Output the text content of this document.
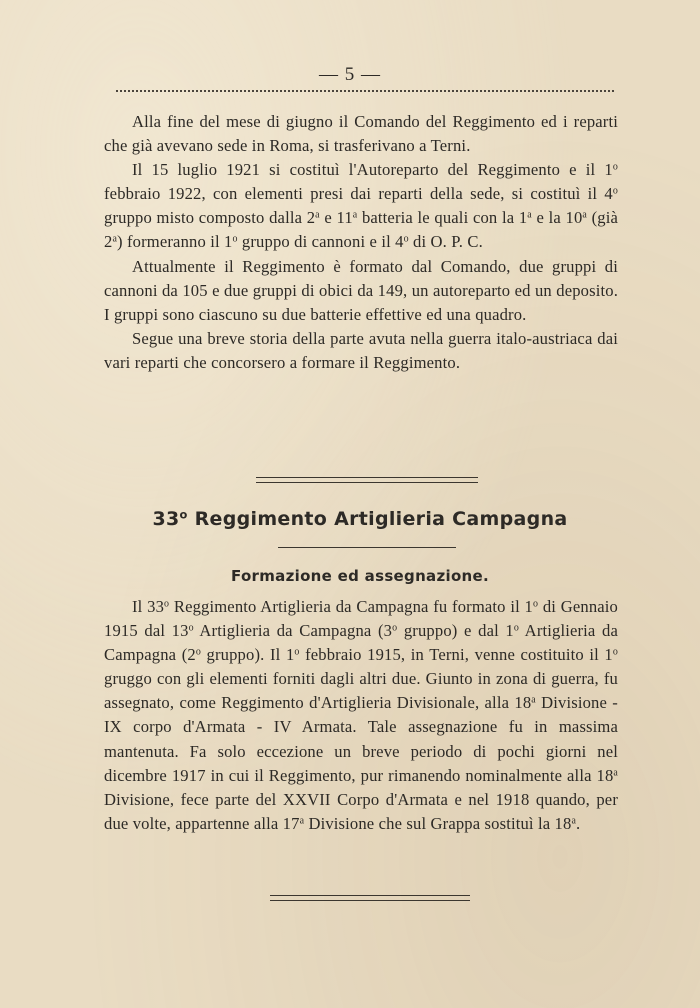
— 5 —

Alla fine del mese di giugno il Comando del Reggimento ed i reparti che già avevano sede in Roma, si trasferivano a Terni.

Il 15 luglio 1921 si costituì l'Autoreparto del Reggimento e il 1$^o$ febbraio 1922, con elementi presi dai reparti della sede, si costituì il 4$^o$ gruppo misto composto dalla 2$^a$ e 11$^a$ batteria le quali con la 1$^a$ e la 10$^a$ (già 2$^a$) formeranno il 1$^o$ gruppo di cannoni e il 4$^o$ di O. P. C.

Attualmente il Reggimento è formato dal Comando, due gruppi di cannoni da 105 e due gruppi di obici da 149, un autoreparto ed un deposito. I gruppi sono ciascuno su due batterie effettive ed una quadro.

Segue una breve storia della parte avuta nella guerra italo-austriaca dai vari reparti che concorsero a formare il Reggimento.

33$^o$ Reggimento Artiglieria Campagna
Formazione ed assegnazione.

Il 33$^o$ Reggimento Artiglieria da Campagna fu formato il 1$^o$ di Gennaio 1915 dal 13$^o$ Artiglieria da Campagna (3$^o$ gruppo) e dal 1$^o$ Artiglieria da Campagna (2$^o$ gruppo). Il 1$^o$ febbraio 1915, in Terni, venne costituito il 1$^o$ gruggo con gli elementi forniti dagli altri due. Giunto in zona di guerra, fu assegnato, come Reggimento d'Artiglieria Divisionale, alla 18$^a$ Divisione - IX corpo d'Armata - IV Armata. Tale assegnazione fu in massima mantenuta. Fa solo eccezione un breve periodo di pochi giorni nel dicembre 1917 in cui il Reggimento, pur rimanendo nominalmente alla 18$^a$ Divisione, fece parte del XXVII Corpo d'Armata e nel 1918 quando, per due volte, appartenne alla 17$^a$ Divisione che sul Grappa sostituì la 18$^a$.
